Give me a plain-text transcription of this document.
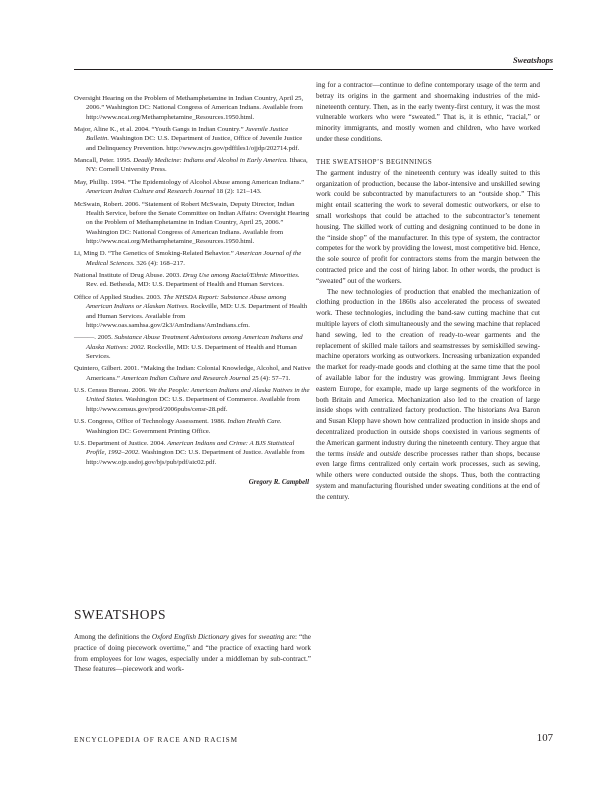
Sweatshops
Oversight Hearing on the Problem of Methamphetamine in Indian Country, April 25, 2006.” Washington DC: National Congress of American Indians. Available from http://www.ncai.org/Methamphetamine_Resources.1950.html.
Major, Aline K., et al. 2004. “Youth Gangs in Indian Country.” Juvenile Justice Bulletin. Washington DC: U.S. Department of Justice, Office of Juvenile Justice and Delinquency Prevention. http://www.ncjrs.gov/pdffiles1/ojjdp/202714.pdf.
Mancall, Peter. 1995. Deadly Medicine: Indians and Alcohol in Early America. Ithaca, NY: Cornell University Press.
May, Phillip. 1994. “The Epidemiology of Alcohol Abuse among American Indians.” American Indian Culture and Research Journal 18 (2): 121–143.
McSwain, Robert. 2006. “Statement of Robert McSwain, Deputy Director, Indian Health Service, before the Senate Committee on Indian Affairs: Oversight Hearing on the Problem of Methamphetamine in Indian Country, April 25, 2006.” Washington DC: National Congress of American Indians. Available from http://www.ncai.org/Methamphetamine_Resources.1950.html.
Li, Ming D. “The Genetics of Smoking-Related Behavior.” American Journal of the Medical Sciences. 326 (4): 168–217.
National Institute of Drug Abuse. 2003. Drug Use among Racial/Ethnic Minorities. Rev. ed. Bethesda, MD: U.S. Department of Health and Human Services.
Office of Applied Studies. 2003. The NHSDA Report: Substance Abuse among American Indians or Alaskan Natives. Rockville, MD: U.S. Department of Health and Human Services. Available from http://www.oas.samhsa.gov/2k3/AmIndians/AmIndians.cfm.
———. 2005. Substance Abuse Treatment Admissions among American Indians and Alaska Natives: 2002. Rockville, MD: U.S. Department of Health and Human Services.
Quintero, Gilbert. 2001. “Making the Indian: Colonial Knowledge, Alcohol, and Native Americans.” American Indian Culture and Research Journal 25 (4): 57–71.
U.S. Census Bureau. 2006. We the People: American Indians and Alaska Natives in the United States. Washington DC: U.S. Department of Commerce. Available from http://www.census.gov/prod/2006pubs/censr-28.pdf.
U.S. Congress, Office of Technology Assessment. 1986. Indian Health Care. Washington DC: Government Printing Office.
U.S. Department of Justice. 2004. American Indians and Crime: A BJS Statistical Profile, 1992–2002. Washington DC: U.S. Department of Justice. Available from http://www.ojp.usdoj.gov/bjs/pub/pdf/aic02.pdf.
Gregory R. Campbell
SWEATSHOPS

Among the definitions the Oxford English Dictionary gives for sweating are: “the practice of doing piecework overtime,” and “the practice of exacting hard work from employees for low wages, especially under a middleman by sub-contract.” These features—piecework and work-

ing for a contractor—continue to define contemporary usage of the term and betray its origins in the garment and shoemaking industries of the mid-nineteenth century. Then, as in the early twenty-first century, it was the most vulnerable workers who were “sweated.” That is, it is ethnic, “racial,” or minority immigrants, and mostly women and children, who have worked under these conditions.

THE SWEATSHOP’S BEGINNINGS

The garment industry of the nineteenth century was ideally suited to this organization of production, because the labor-intensive and unskilled sewing work could be subcontracted by manufacturers to an “outside shop.” This might entail scattering the work to several domestic outworkers, or else to small workshops that could be attached to the subcontractor’s tenement housing. The skilled work of cutting and designing continued to be done in the “inside shop” of the manufacturer. In this type of system, the contractor competes for the work by providing the lowest, most competitive bid. Hence, the sole source of profit for contractors stems from the margin between the contracted price and the cost of hiring labor. In other words, the product is “sweated” out of the workers.

The new technologies of production that enabled the mechanization of clothing production in the 1860s also accelerated the process of sweated work. These technologies, including the band-saw cutting machine that cut multiple layers of cloth simultaneously and the sewing machine that replaced hand sewing, led to the creation of ready-to-wear garments and the replacement of skilled male tailors and seamstresses by semiskilled sewing-machine operators working as outworkers. Increasing urbanization expanded the market for ready-made goods and clothing at the same time that the pool of available labor for the industry was growing. Immigrant Jews fleeing eastern Europe, for example, made up large segments of the workforce in both Britain and America. Mechanization also led to the creation of large inside shops with centralized factory production. The historians Ava Baron and Susan Klepp have shown how centralized production in inside shops and decentralized production in outside shops coexisted in various segments of the American garment industry during the nineteenth century. They argue that the terms inside and outside describe processes rather than shops, because even large firms centralized only certain work processes, such as sewing, while others were conducted outside the shops. Thus, both the contracting system and manufacturing flourished under sweating conditions at the end of the century.

ENCYCLOPEDIA OF RACE AND RACISM	107
